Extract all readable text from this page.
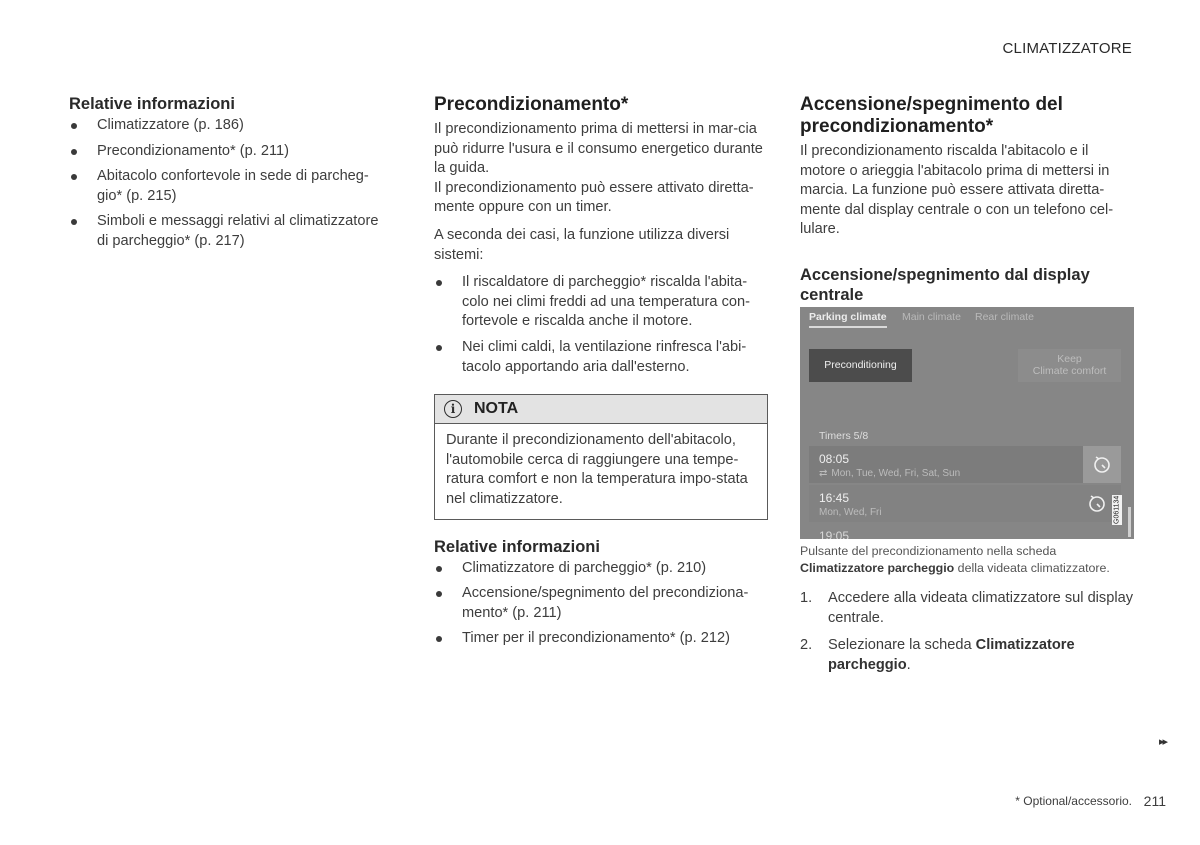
CLIMATIZZATORE
Relative informazioni
Climatizzatore (p. 186)
Precondizionamento* (p. 211)
Abitacolo confortevole in sede di parcheg-gio* (p. 215)
Simboli e messaggi relativi al climatizzatore di parcheggio* (p. 217)
Precondizionamento*

Il precondizionamento prima di mettersi in mar-cia può ridurre l'usura e il consumo energetico durante la guida.

Il precondizionamento può essere attivato diretta-mente oppure con un timer.

A seconda dei casi, la funzione utilizza diversi sistemi:

Il riscaldatore di parcheggio* riscalda l'abita-colo nei climi freddi ad una temperatura con-fortevole e riscalda anche il motore.
Nei climi caldi, la ventilazione rinfresca l'abi-tacolo apportando aria dall'esterno.
i	NOTA
Durante il precondizionamento dell'abitacolo, l'automobile cerca di raggiungere una tempe-ratura comfort e non la temperatura impo-stata nel climatizzatore.
Relative informazioni
Climatizzatore di parcheggio* (p. 210)
Accensione/spegnimento del precondiziona-mento* (p. 211)
Timer per il precondizionamento* (p. 212)
Accensione/spegnimento del precondizionamento*

Il precondizionamento riscalda l'abitacolo e il motore o arieggia l'abitacolo prima di mettersi in marcia. La funzione può essere attivata diretta-mente dal display centrale o con un telefono cel-lulare.

Accensione/spegnimento dal display centrale
Parking climate Main climate Rear climate
Preconditioning	Keep
Climate comfort
Timers 5/8
08:05
⇄ Mon, Tue, Wed, Fri, Sat, Sun
16:45
Mon, Wed, Fri	G061134
19:05
Pulsante del precondizionamento nella scheda
Climatizzatore parcheggio della videata climatizzatore.
1. Accedere alla videata climatizzatore sul display centrale.
2. Selezionare la scheda Climatizzatore parcheggio.
▸▸
* Optional/accessorio. 211
